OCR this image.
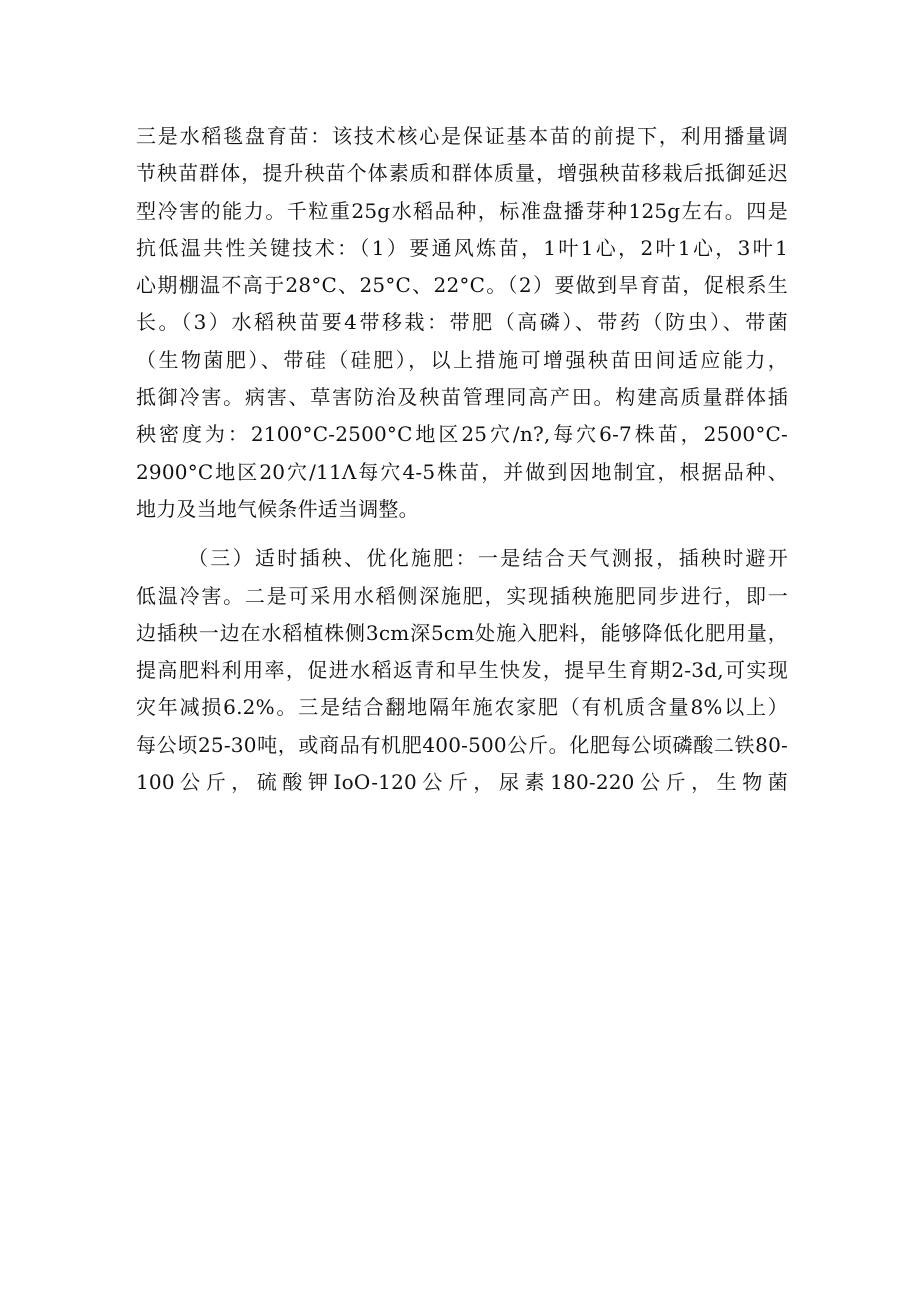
三是水稻毯盘育苗：该技术核心是保证基本苗的前提下，利用播量调
节秧苗群体，提升秧苗个体素质和群体质量，增强秧苗移栽后抵御延迟
型冷害的能力。千粒重25g水稻品种，标准盘播芽种125g左右。四是
抗低温共性关键技术：（1）要通风炼苗，1叶1心，2叶1心，3叶1
心期棚温不高于28°C、25°C、22°C。（2）要做到旱育苗，促根系生
长。（3）水稻秧苗要4带移栽：带肥（高磷）、带药（防虫）、带菌
（生物菌肥）、带硅（硅肥），以上措施可增强秧苗田间适应能力，
抵御冷害。病害、草害防治及秧苗管理同高产田。构建高质量群体插
秧密度为：2100°C-2500°C地区25穴/n?,每穴6-7株苗，2500°C-
2900°C地区20穴/11Λ每穴4-5株苗，并做到因地制宜，根据品种、
地力及当地气候条件适当调整。
（三）适时插秧、优化施肥：一是结合天气测报，插秧时避开
低温冷害。二是可采用水稻侧深施肥，实现插秧施肥同步进行，即一
边插秧一边在水稻植株侧3cm深5cm处施入肥料，能够降低化肥用量，
提高肥料利用率，促进水稻返青和早生快发，提早生育期2-3d,可实现
灾年减损6.2%。三是结合翻地隔年施农家肥（有机质含量8%以上）
每公顷25-30吨，或商品有机肥400-500公斤。化肥每公顷磷酸二铁80-
100公斤，硫酸钾IoO-120公斤，尿素180-220公斤，生物菌
